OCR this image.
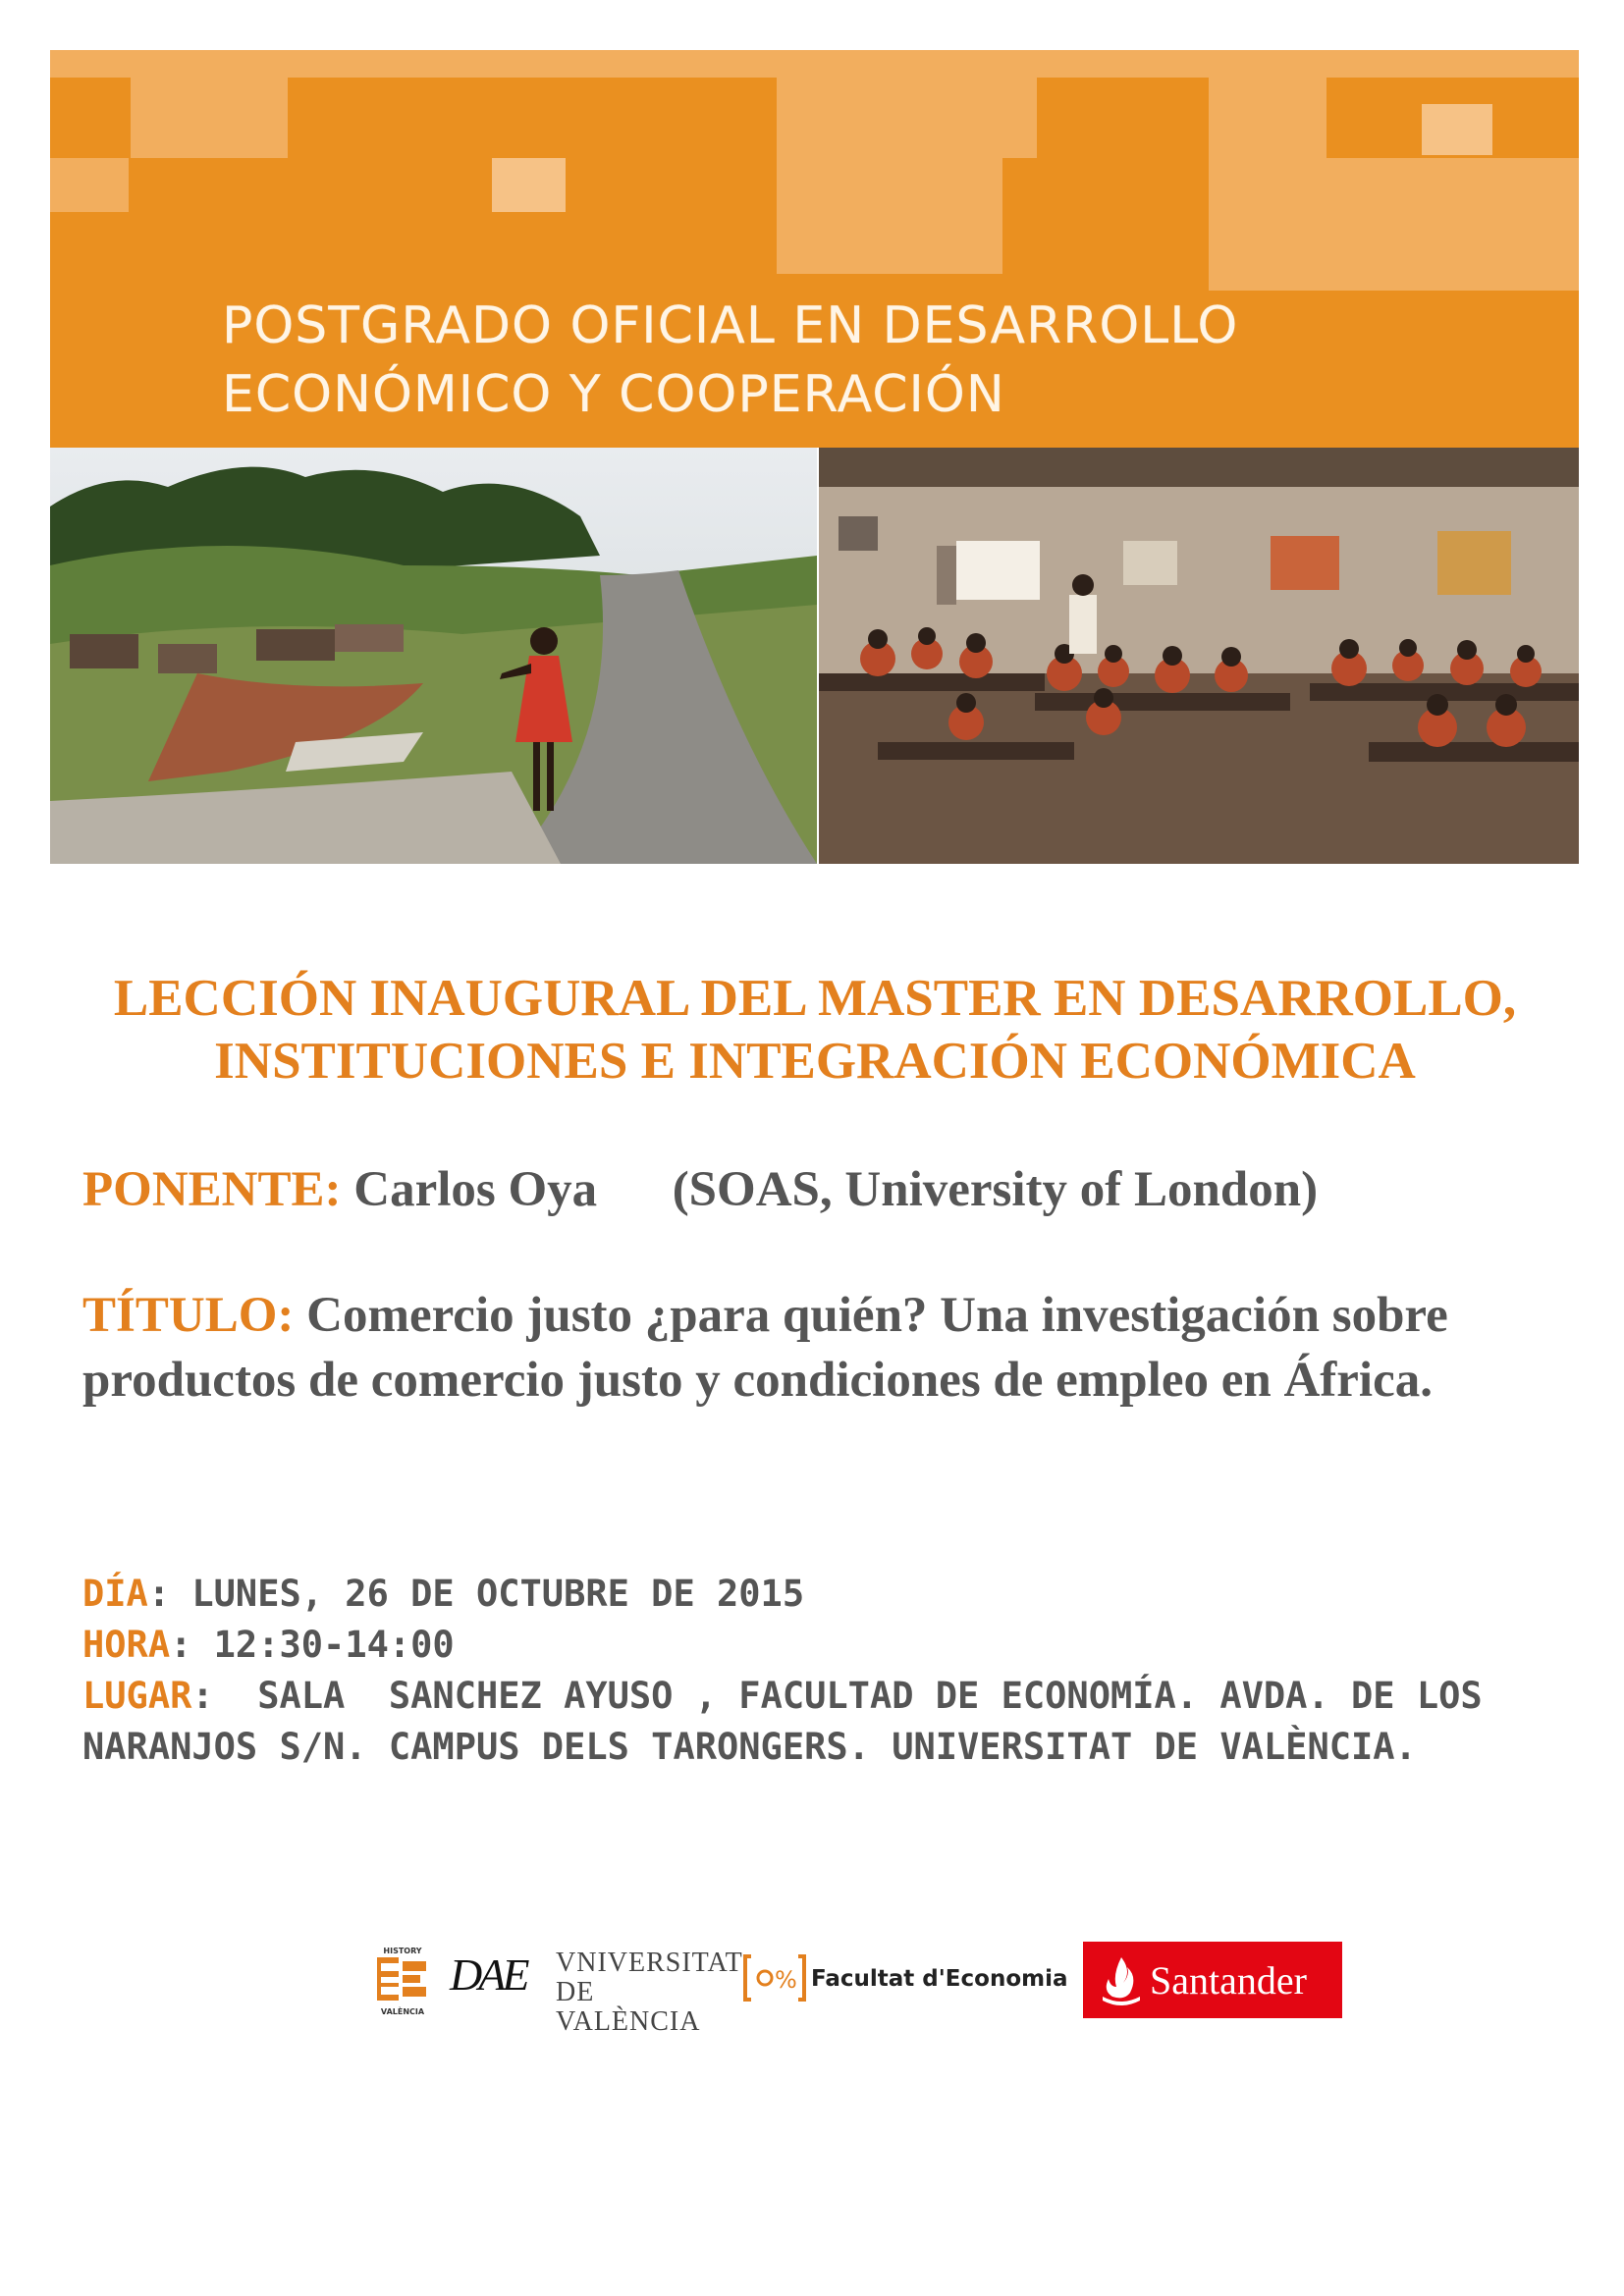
POSTGRADO OFICIAL EN DESARROLLO
ECONÓMICO Y COOPERACIÓN
LECCIÓN INAUGURAL DEL MASTER EN DESARROLLO,
INSTITUCIONES E INTEGRACIÓN ECONÓMICA
PONENTE: Carlos Oya (SOAS, University of London)
TÍTULO: Comercio justo ¿para quién? Una investigación sobre productos de comercio justo y condiciones de empleo en África.
DÍA: LUNES, 26 DE OCTUBRE DE 2015
HORA: 12:30-14:00
LUGAR:  SALA  SANCHEZ AYUSO , FACULTAD DE ECONOMÍA. AVDA. DE LOS NARANJOS S/N. CAMPUS DELS TARONGERS. UNIVERSITAT DE VALÈNCIA.
HISTORY
VALÈNCIA
DAE VNIVERSITAT
DE VALÈNCIA
% Facultat d'Economia	Santander
